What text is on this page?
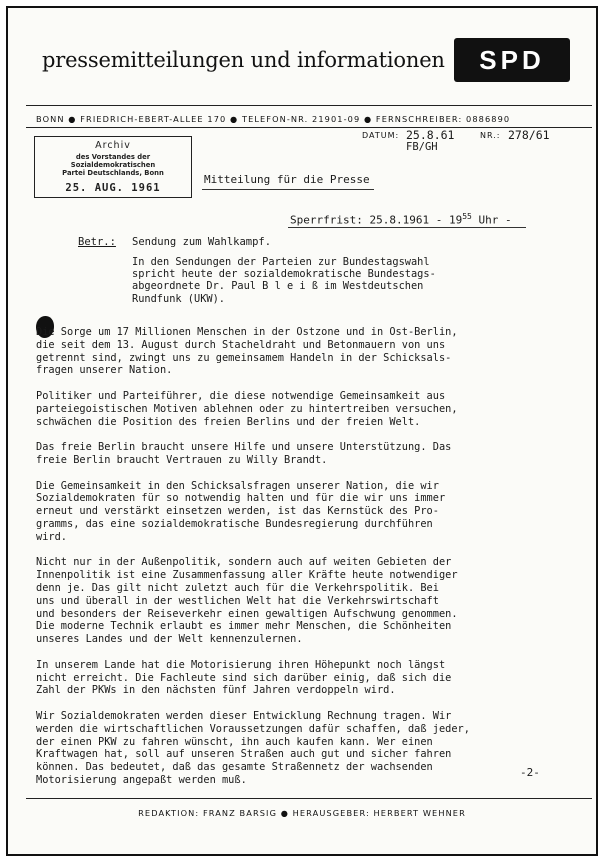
pressemitteilungen und informationen	SPD
BONN ● FRIEDRICH-EBERT-ALLEE 170 ● TELEFON-NR. 21901-09 ● FERNSCHREIBER: 0886890
Archiv
des Vorstandes der Sozialdemokratischen
Partei Deutschlands, Bonn
25. AUG. 1961
DATUM: 25.8.61
FB/GH
NR.: 278/61
Mitteilung für die Presse
Sperrfrist: $25.8.1961 - 19^{55}$ Uhr -
Betr.: Sendung zum Wahlkampf.
In den Sendungen der Parteien zur Bundestagswahl
spricht heute der sozialdemokratische Bundestags-
abgeordnete Dr. Paul B l e i ß im Westdeutschen
Rundfunk (UKW).

Die Sorge um 17 Millionen Menschen in der Ostzone und in Ost-Berlin,
die seit dem 13. August durch Stacheldraht und Betonmauern von uns
getrennt sind, zwingt uns zu gemeinsamem Handeln in der Schicksals-
fragen unserer Nation.

Politiker und Parteiführer, die diese notwendige Gemeinsamkeit aus
parteiegoistischen Motiven ablehnen oder zu hintertreiben versuchen,
schwächen die Position des freien Berlins und der freien Welt.

Das freie Berlin braucht unsere Hilfe und unsere Unterstützung. Das
freie Berlin braucht Vertrauen zu Willy Brandt.

Die Gemeinsamkeit in den Schicksalsfragen unserer Nation, die wir
Sozialdemokraten für so notwendig halten und für die wir uns immer
erneut und verstärkt einsetzen werden, ist das Kernstück des Pro-
gramms, das eine sozialdemokratische Bundesregierung durchführen
wird.

Nicht nur in der Außenpolitik, sondern auch auf weiten Gebieten der
Innenpolitik ist eine Zusammenfassung aller Kräfte heute notwendiger
denn je. Das gilt nicht zuletzt auch für die Verkehrspolitik. Bei
uns und überall in der westlichen Welt hat die Verkehrswirtschaft
und besonders der Reiseverkehr einen gewaltigen Aufschwung genommen.
Die moderne Technik erlaubt es immer mehr Menschen, die Schönheiten
unseres Landes und der Welt kennenzulernen.

In unserem Lande hat die Motorisierung ihren Höhepunkt noch längst
nicht erreicht. Die Fachleute sind sich darüber einig, daß sich die
Zahl der PKWs in den nächsten fünf Jahren verdoppeln wird.

Wir Sozialdemokraten werden dieser Entwicklung Rechnung tragen. Wir
werden die wirtschaftlichen Voraussetzungen dafür schaffen, daß jeder,
der einen PKW zu fahren wünscht, ihn auch kaufen kann. Wer einen
Kraftwagen hat, soll auf unseren Straßen auch gut und sicher fahren
können. Das bedeutet, daß das gesamte Straßennetz der wachsenden
Motorisierung angepaßt werden muß.

-2-
REDAKTION: FRANZ BARSIG ● HERAUSGEBER: HERBERT WEHNER
